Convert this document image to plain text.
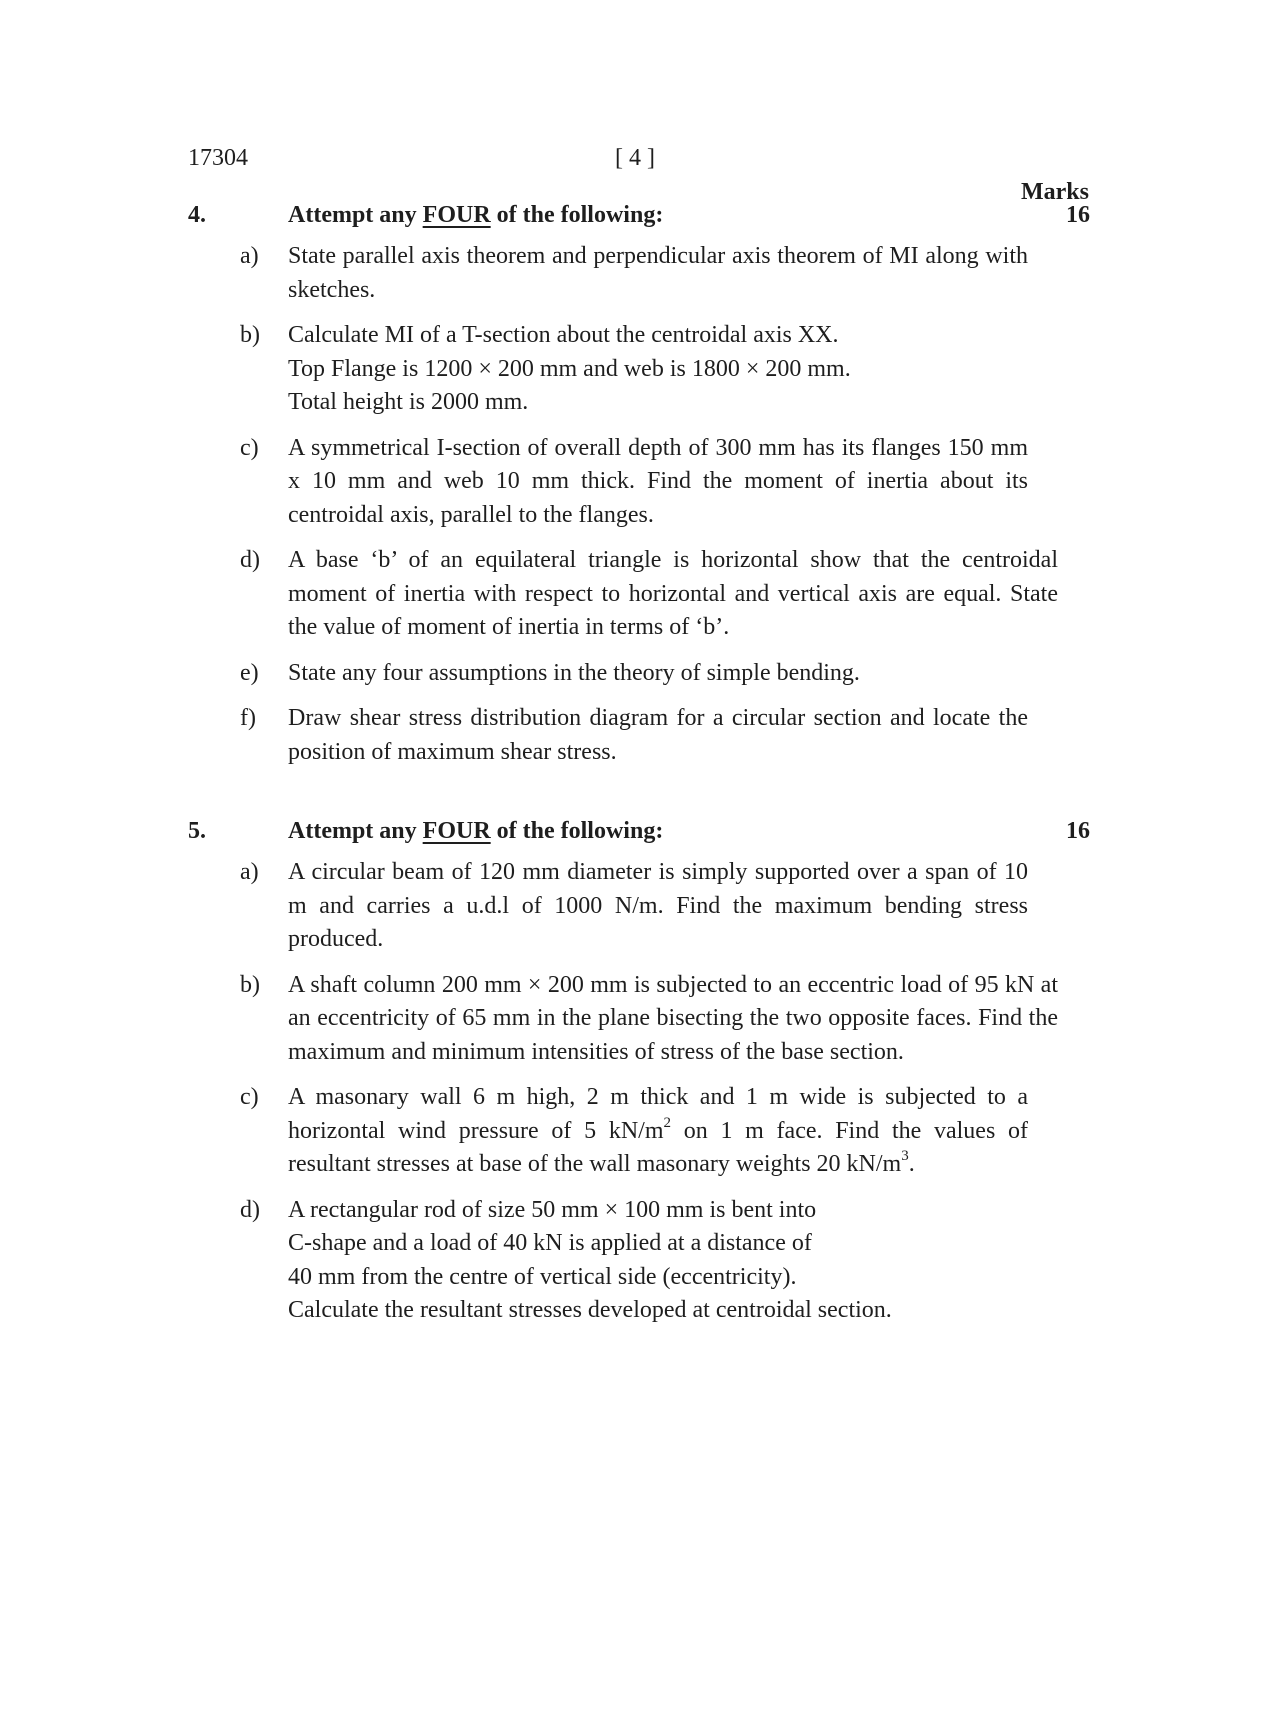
17304	[ 4 ]
Marks
4.	Attempt any FOUR of the following:	16
a) State parallel axis theorem and perpendicular axis theorem of MI along with sketches.
b) Calculate MI of a T-section about the centroidal axis XX.
Top Flange is 1200 × 200 mm and web is 1800 × 200 mm.
Total height is 2000 mm.
c) A symmetrical I-section of overall depth of 300 mm has its flanges 150 mm x 10 mm and web 10 mm thick. Find the moment of inertia about its centroidal axis, parallel to the flanges.
d) A base ‘b’ of an equilateral triangle is horizontal show that the centroidal moment of inertia with respect to horizontal and vertical axis are equal. State the value of moment of inertia in terms of ‘b’.
e) State any four assumptions in the theory of simple bending.
f) Draw shear stress distribution diagram for a circular section and locate the position of maximum shear stress.
5.	Attempt any FOUR of the following:	16
a) A circular beam of 120 mm diameter is simply supported over a span of 10 m and carries a u.d.l of 1000 N/m. Find the maximum bending stress produced.
b) A shaft column 200 mm × 200 mm is subjected to an eccentric load of 95 kN at an eccentricity of 65 mm in the plane bisecting the two opposite faces. Find the maximum and minimum intensities of stress of the base section.
c) A masonary wall 6 m high, 2 m thick and 1 m wide is subjected to a horizontal wind pressure of 5 $kN/m^2$ on 1 m face. Find the values of resultant stresses at base of the wall masonary weights 20 $kN/m^3$.
d) A rectangular rod of size 50 mm × 100 mm is bent into
C-shape and a load of 40 kN is applied at a distance of
40 mm from the centre of vertical side (eccentricity).
Calculate the resultant stresses developed at centroidal section.
